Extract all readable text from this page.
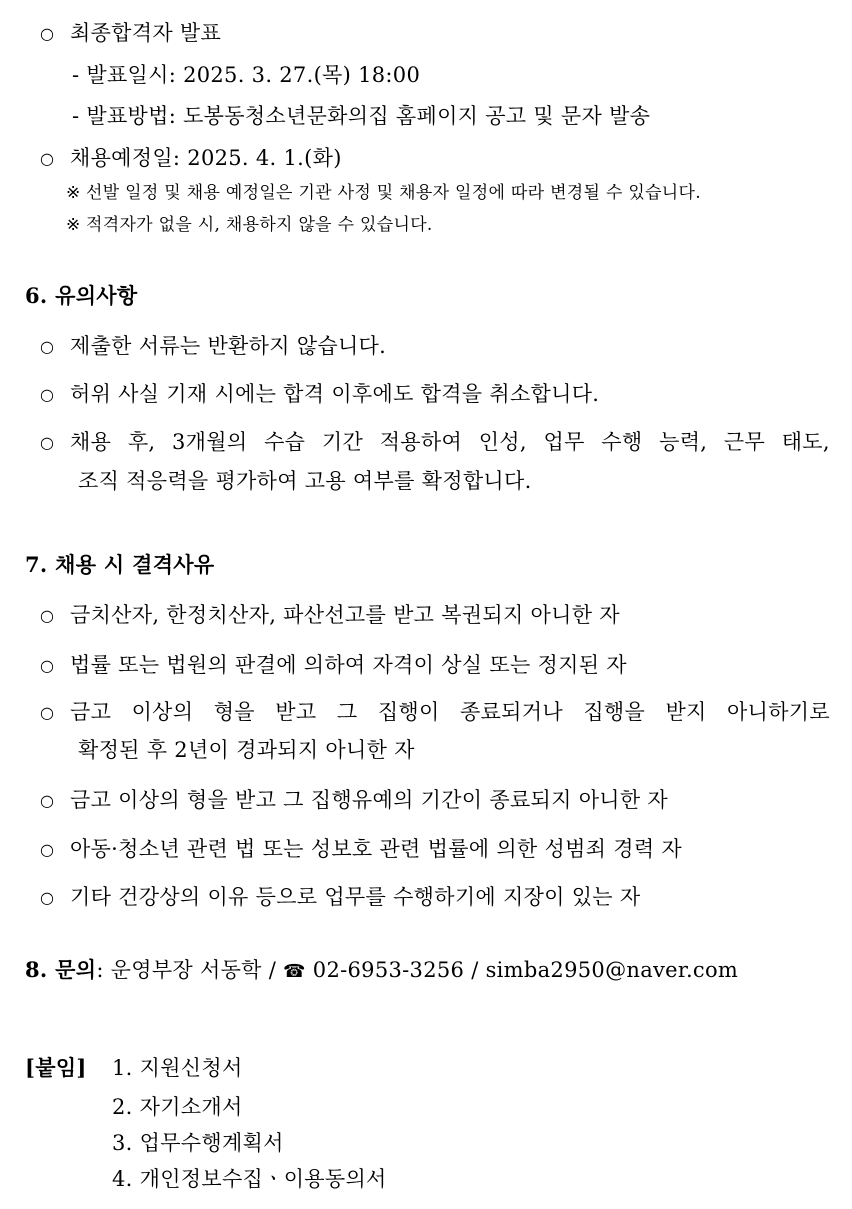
○ 최종합격자 발표
- 발표일시: 2025. 3. 27.(목) 18:00
- 발표방법: 도봉동청소년문화의집 홈페이지 공고 및 문자 발송
○ 채용예정일: 2025. 4. 1.(화)
※ 선발 일정 및 채용 예정일은 기관 사정 및 채용자 일정에 따라 변경될 수 있습니다.
※ 적격자가 없을 시, 채용하지 않을 수 있습니다.
6. 유의사항
○ 제출한 서류는 반환하지 않습니다.
○ 허위 사실 기재 시에는 합격 이후에도 합격을 취소합니다.
○ 채용 후, 3개월의 수습 기간 적용하여 인성, 업무 수행 능력, 근무 태도,
조직 적응력을 평가하여 고용 여부를 확정합니다.
7. 채용 시 결격사유
○ 금치산자, 한정치산자, 파산선고를 받고 복권되지 아니한 자
○ 법률 또는 법원의 판결에 의하여 자격이 상실 또는 정지된 자
○ 금고 이상의 형을 받고 그 집행이 종료되거나 집행을 받지 아니하기로
확정된 후 2년이 경과되지 아니한 자
○ 금고 이상의 형을 받고 그 집행유예의 기간이 종료되지 아니한 자
○ 아동·청소년 관련 법 또는 성보호 관련 법률에 의한 성범죄 경력 자
○ 기타 건강상의 이유 등으로 업무를 수행하기에 지장이 있는 자
8. 문의: 운영부장 서동학 / ☎ 02-6953-3256 / simba2950@naver.com
[붙임] 1. 지원신청서
2. 자기소개서
3. 업무수행계획서
4. 개인정보수집ㆍ이용동의서
